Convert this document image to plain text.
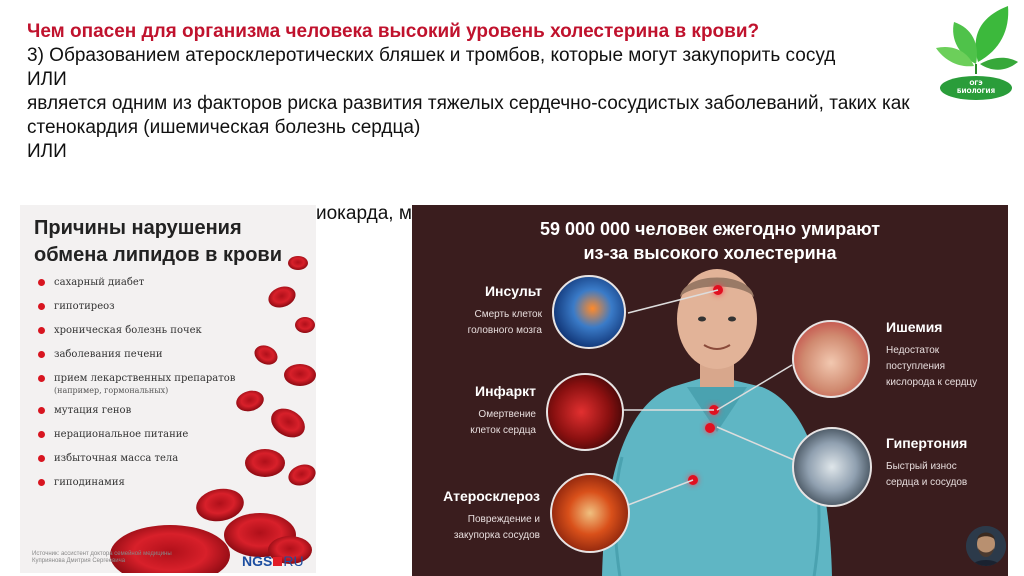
Чем опасен для организма человека высокий уровень холестерина в крови?
3) Образованием атеросклеротических бляшек и тромбов, которые могут закупорить сосуд
ИЛИ
является одним из факторов риска развития тяжелых сердечно-сосудистых заболеваний, таких как стенокардия (ишемическая болезнь сердца)
ИЛИ
иокарда, м
ОГЭ
БИОЛОГИЯ
Причины нарушения
обмена липидов в крови
сахарный диабет
гипотиреоз
хроническая болезнь почек
заболевания печени
прием лекарственных препаратов
(например, гормональных)
мутация генов
нерациональное питание
избыточная масса тела
гиподинамия
Источник: ассистент доктора семейной медицины Куприянова Дмитрия Сергеевича	NGS RU
59 000 000 человек ежегодно умирают
из-за высокого холестерина
Инсульт
Смерть клеток
головного мозга
Инфаркт
Омертвение
клеток сердца
Атеросклероз
Повреждение и
закупорка сосудов
Ишемия
Недостаток
поступления
кислорода к сердцу
Гипертония
Быстрый износ
сердца и сосудов
